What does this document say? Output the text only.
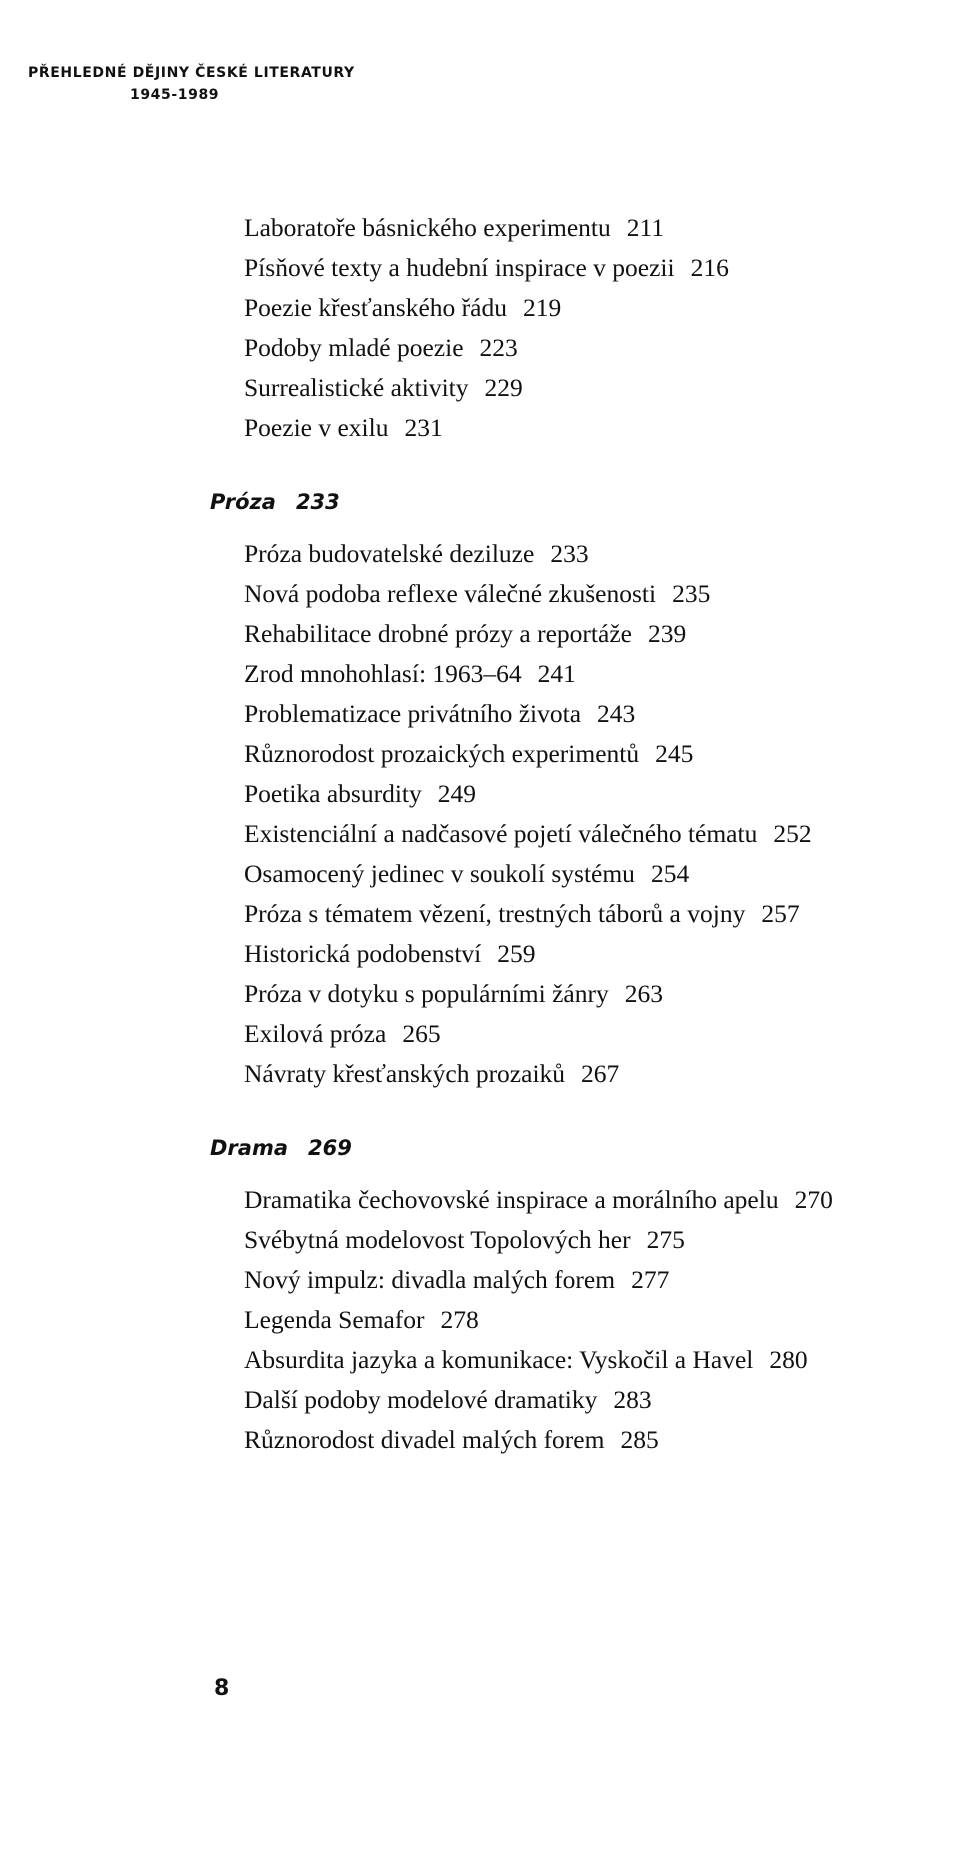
PŘEHLEDNÉ DĚJINY ČESKÉ LITERATURY
1945-1989
Laboratoře básnického experimentu 211
Písňové texty a hudební inspirace v poezii 216
Poezie křesťanského řádu 219
Podoby mladé poezie 223
Surrealistické aktivity 229
Poezie v exilu 231
Próza 233
Próza budovatelské deziluze 233
Nová podoba reflexe válečné zkušenosti 235
Rehabilitace drobné prózy a reportáže 239
Zrod mnohohlasí: 1963–64 241
Problematizace privátního života 243
Různorodost prozaických experimentů 245
Poetika absurdity 249
Existenciální a nadčasové pojetí válečného tématu 252
Osamocený jedinec v soukolí systému 254
Próza s tématem vězení, trestných táborů a vojny 257
Historická podobenství 259
Próza v dotyku s populárními žánry 263
Exilová próza 265
Návraty křesťanských prozaiků 267
Drama 269
Dramatika čechovovské inspirace a morálního apelu 270
Svébytná modelovost Topolových her 275
Nový impulz: divadla malých forem 277
Legenda Semafor 278
Absurdita jazyka a komunikace: Vyskočil a Havel 280
Další podoby modelové dramatiky 283
Různorodost divadel malých forem 285
8
